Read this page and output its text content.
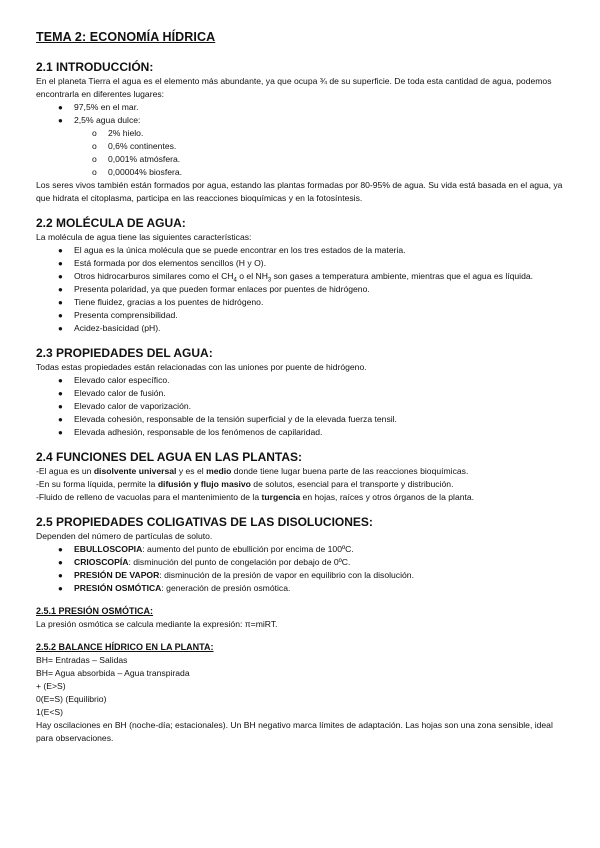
TEMA 2: ECONOMÍA HÍDRICA
2.1 INTRODUCCIÓN:

En el planeta Tierra el agua es el elemento más abundante, ya que ocupa ¾ de su superficie. De toda esta cantidad de agua, podemos encontrarla en diferentes lugares:

● 97,5% en el mar.
● 2,5% agua dulce:
o 2% hielo.
o 0,6% continentes.
o 0,001% atmósfera.
o 0,00004% biosfera.

Los seres vivos también están formados por agua, estando las plantas formadas por 80-95% de agua. Su vida está basada en el agua, ya que hidrata el citoplasma, participa en las reacciones bioquímicas y en la fotosíntesis.

2.2 MOLÉCULA DE AGUA:

La molécula de agua tiene las siguientes características:

● El agua es la única molécula que se puede encontrar en los tres estados de la materia.
● Está formada por dos elementos sencillos (H y O).
● Otros hidrocarburos similares como el $CH_4$ o el $NH_3$ son gases a temperatura ambiente, mientras que el agua es líquida.
● Presenta polaridad, ya que pueden formar enlaces por puentes de hidrógeno.
● Tiene fluidez, gracias a los puentes de hidrógeno.
● Presenta comprensibilidad.
● Acidez-basicidad (pH).
2.3 PROPIEDADES DEL AGUA:

Todas estas propiedades están relacionadas con las uniones por puente de hidrógeno.

● Elevado calor específico.
● Elevado calor de fusión.
● Elevado calor de vaporización.
● Elevada cohesión, responsable de la tensión superficial y de la elevada fuerza tensil.
● Elevada adhesión, responsable de los fenómenos de capilaridad.
2.4 FUNCIONES DEL AGUA EN LAS PLANTAS:

-El agua es un disolvente universal y es el medio donde tiene lugar buena parte de las reacciones bioquímicas.

-En su forma líquida, permite la difusión y flujo masivo de solutos, esencial para el transporte y distribución.

-Fluido de relleno de vacuolas para el mantenimiento de la turgencia en hojas, raíces y otros órganos de la planta.

2.5 PROPIEDADES COLIGATIVAS DE LAS DISOLUCIONES:

Dependen del número de partículas de soluto.

● EBULLOSCOPIA: aumento del punto de ebullición por encima de 100ºC.
● CRIOSCOPÍA: disminución del punto de congelación por debajo de 0ºC.
● PRESIÓN DE VAPOR: disminución de la presión de vapor en equilibrio con la disolución.
● PRESIÓN OSMÓTICA: generación de presión osmótica.
2.5.1 PRESIÓN OSMÓTICA:

La presión osmótica se calcula mediante la expresión: π=miRT.

2.5.2 BALANCE HÍDRICO EN LA PLANTA:

BH= Entradas – Salidas

BH= Agua absorbida – Agua transpirada

+ (E>S)

0(E=S) (Equilibrio)

1(E<S)

Hay oscilaciones en BH (noche-día; estacionales). Un BH negativo marca límites de adaptación. Las hojas son una zona sensible, ideal para observaciones.
